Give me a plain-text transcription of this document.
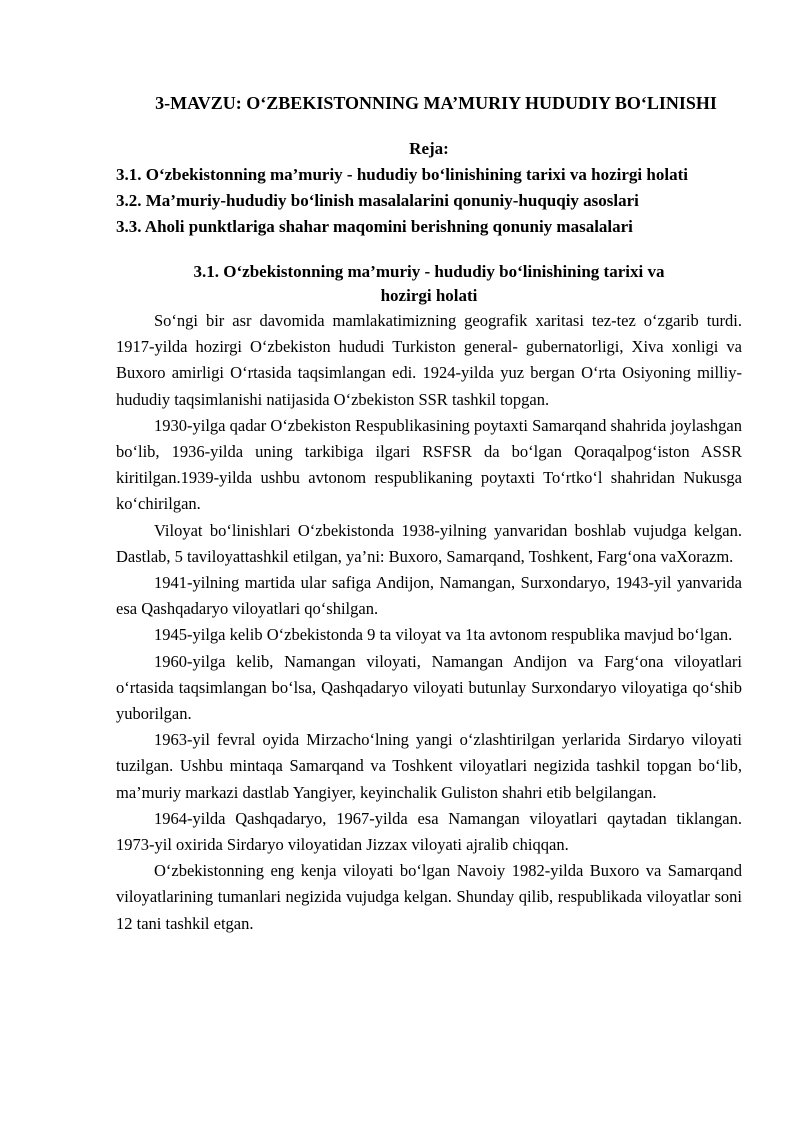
3-MAVZU: O‘ZBEKISTONNING MA’MURIY HUDUDIY BO‘LINISHI
Reja:
3.1. O‘zbekistonning ma’muriy - hududiy bo‘linishining tarixi va hozirgi holati
3.2. Ma’muriy-hududiy bo‘linish masalalarini qonuniy-huquqiy asoslari
3.3. Aholi punktlariga shahar maqomini berishning qonuniy masalalari
3.1. O‘zbekistonning ma’muriy - hududiy bo‘linishining tarixi va
hozirgi holati

So‘ngi bir asr davomida mamlakatimizning geografik xaritasi tez-tez o‘zgarib turdi. 1917-yilda hozirgi O‘zbekiston hududi Turkiston general- gubernatorligi, Xiva xonligi va Buxoro amirligi O‘rtasida taqsimlangan edi. 1924-yilda yuz bergan O‘rta Osiyoning milliy-hududiy taqsimlanishi natijasida O‘zbekiston SSR tashkil topgan.

1930-yilga qadar O‘zbekiston Respublikasining poytaxti Samarqand shahrida joylashgan bo‘lib, 1936-yilda uning tarkibiga ilgari RSFSR da bo‘lgan Qoraqalpog‘iston ASSR kiritilgan.1939-yilda ushbu avtonom respublikaning poytaxti To‘rtko‘l shahridan Nukusga ko‘chirilgan.

Viloyat bo‘linishlari O‘zbekistonda 1938-yilning yanvaridan boshlab vujudga kelgan. Dastlab, 5 taviloyattashkil etilgan, ya’ni: Buxoro, Samarqand, Toshkent, Farg‘ona vaXorazm.

1941-yilning martida ular safiga Andijon, Namangan, Surxondaryo, 1943-yil yanvarida esa Qashqadaryo viloyatlari qo‘shilgan.

1945-yilga kelib O‘zbekistonda 9 ta viloyat va 1ta avtonom respublika mavjud bo‘lgan.

1960-yilga kelib, Namangan viloyati, Namangan Andijon va Farg‘ona viloyatlari o‘rtasida taqsimlangan bo‘lsa, Qashqadaryo viloyati butunlay Surxondaryo viloyatiga qo‘shib yuborilgan.

1963-yil fevral oyida Mirzacho‘lning yangi o‘zlashtirilgan yerlarida Sirdaryo viloyati tuzilgan. Ushbu mintaqa Samarqand va Toshkent viloyatlari negizida tashkil topgan bo‘lib, ma’muriy markazi dastlab Yangiyer, keyinchalik Guliston shahri etib belgilangan.

1964-yilda Qashqadaryo, 1967-yilda esa Namangan viloyatlari qaytadan tiklangan. 1973-yil oxirida Sirdaryo viloyatidan Jizzax viloyati ajralib chiqqan.

O‘zbekistonning eng kenja viloyati bo‘lgan Navoiy 1982-yilda Buxoro va Samarqand viloyatlarining tumanlari negizida vujudga kelgan. Shunday qilib, respublikada viloyatlar soni 12 tani tashkil etgan.
